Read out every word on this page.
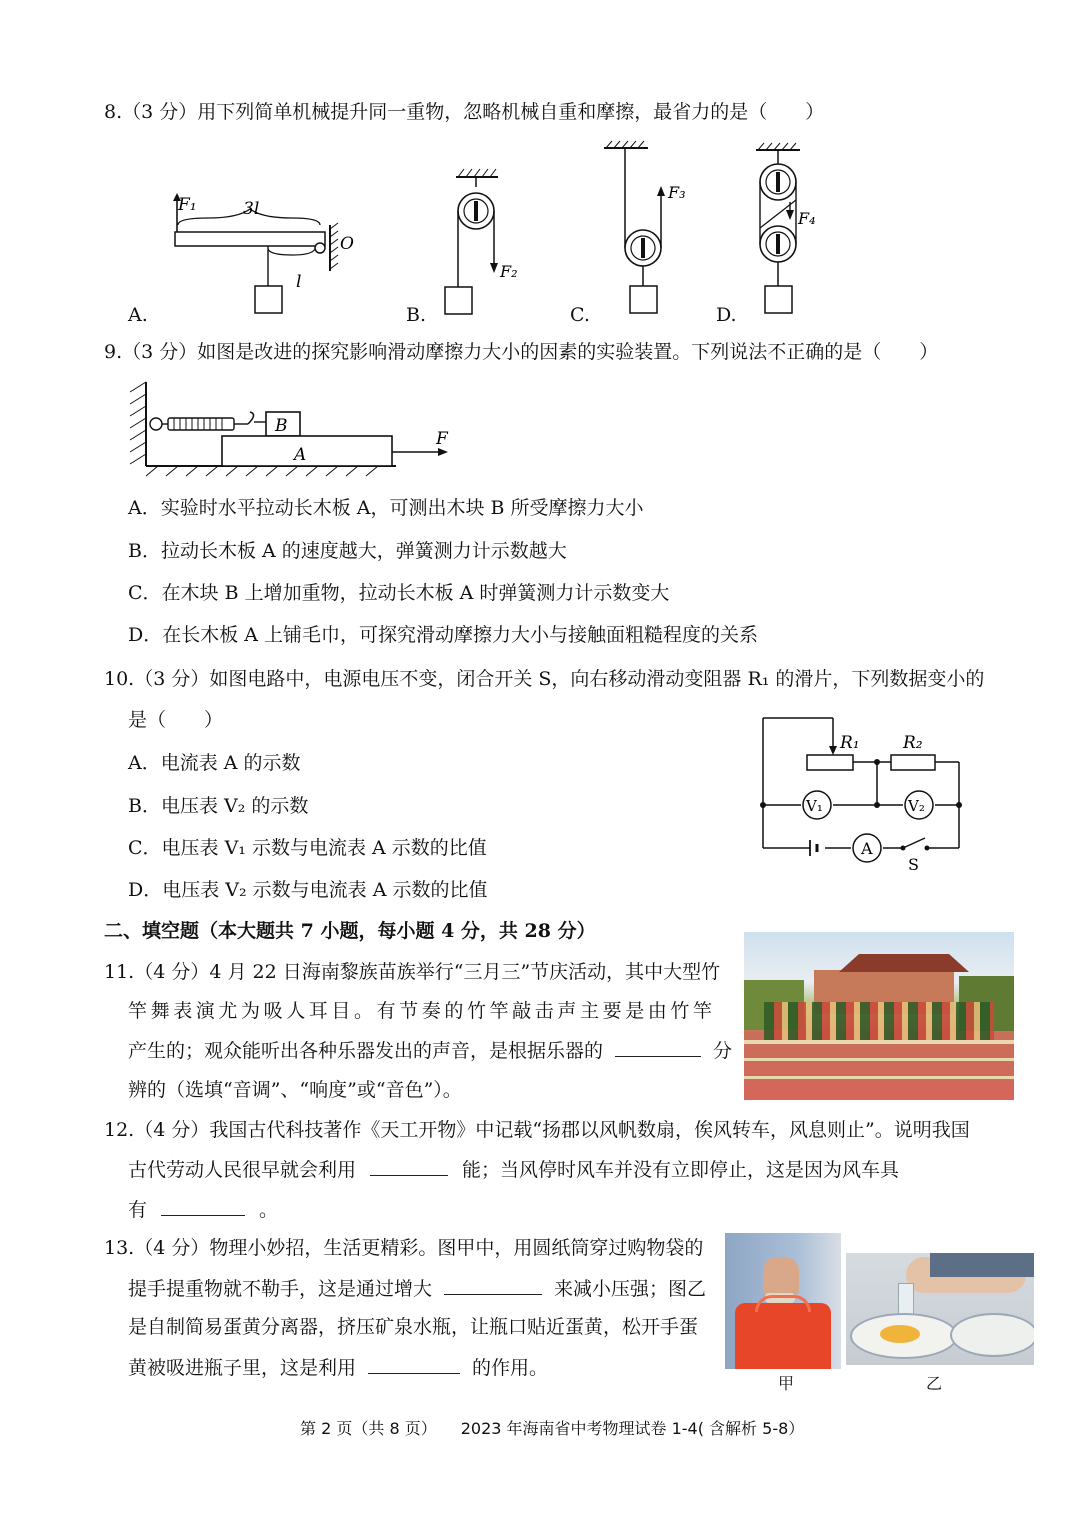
8.（3 分）用下列简单机械提升同一重物，忽略机械自重和摩擦，最省力的是（　　）
F₁	3l
O
l
A.
F₂
B.
F₃
C.
F₄
D.
9.（3 分）如图是改进的探究影响滑动摩擦力大小的因素的实验装置。下列说法不正确的是（　　）
B
A
F
A．实验时水平拉动长木板 A，可测出木块 B 所受摩擦力大小
B．拉动长木板 A 的速度越大，弹簧测力计示数越大
C．在木块 B 上增加重物，拉动长木板 A 时弹簧测力计示数变大
D．在长木板 A 上铺毛巾，可探究滑动摩擦力大小与接触面粗糙程度的关系
10.（3 分）如图电路中，电源电压不变，闭合开关 S，向右移动滑动变阻器 R₁ 的滑片，下列数据变小的
是（　　）
A．电流表 A 的示数
B．电压表 V₂ 的示数
C．电压表 V₁ 示数与电流表 A 示数的比值
D．电压表 V₂ 示数与电流表 A 示数的比值
R₁	R₂
V₁	V₂
A
S
二、填空题（本大题共 7 小题，每小题 4 分，共 28 分）
11.（4 分）4 月 22 日海南黎族苗族举行“三月三”节庆活动，其中大型竹
竿舞表演尤为吸人耳目。有节奏的竹竿敲击声主要是由竹竿
产生的；观众能听出各种乐器发出的声音，是根据乐器的	分
辨的（选填“音调”、“响度”或“音色”）。
12.（4 分）我国古代科技著作《天工开物》中记载“扬郡以风帆数扇，俟风转车，风息则止”。说明我国
古代劳动人民很早就会利用	能；当风停时风车并没有立即停止，这是因为风车具
有	。
13.（4 分）物理小妙招，生活更精彩。图甲中，用圆纸筒穿过购物袋的
提手提重物就不勒手，这是通过增大	来减小压强；图乙
是自制简易蛋黄分离器，挤压矿泉水瓶，让瓶口贴近蛋黄，松开手蛋
黄被吸进瓶子里，这是利用	的作用。
甲	乙
第 2 页（共 8 页）　　2023 年海南省中考物理试卷 1-4( 含解析 5-8）
